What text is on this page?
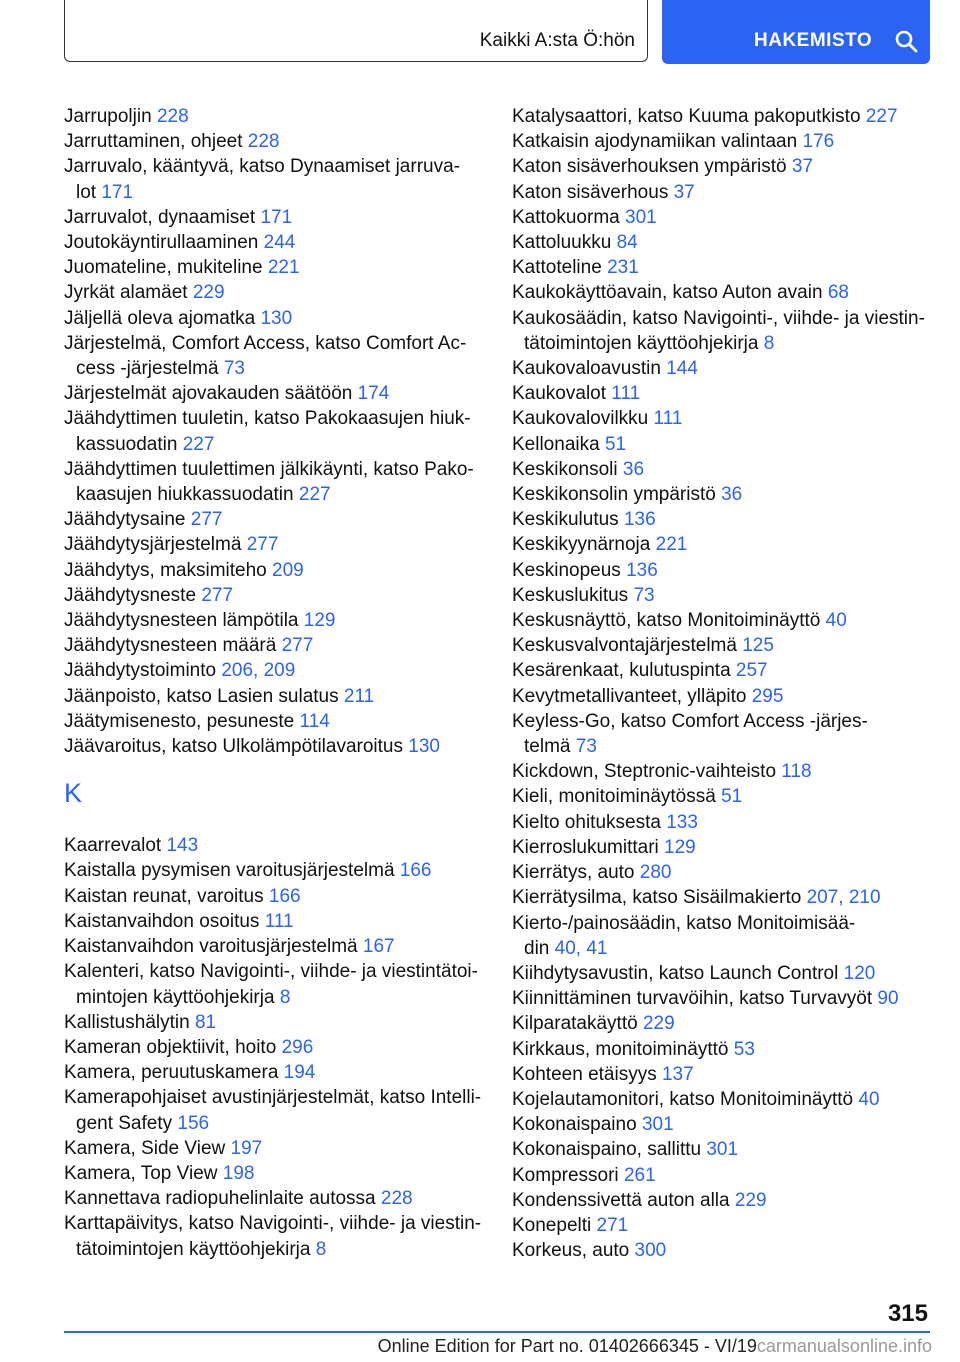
Kaikki A:sta Ö:hön	HAKEMISTO
Jarrupoljin 228
Jarruttaminen, ohjeet 228
Jarruvalo, kääntyvä, katso Dynaamiset jarruva‐
lot 171
Jarruvalot, dynaamiset 171
Joutokäyntirullaaminen 244
Juomateline, mukiteline 221
Jyrkät alamäet 229
Jäljellä oleva ajomatka 130
Järjestelmä, Comfort Access, katso Comfort Ac‐
cess -järjestelmä 73
Järjestelmät ajovakauden säätöön 174
Jäähdyttimen tuuletin, katso Pakokaasujen hiuk‐
kassuodatin 227
Jäähdyttimen tuulettimen jälkikäynti, katso Pako‐
kaasujen hiukkassuodatin 227
Jäähdytysaine 277
Jäähdytysjärjestelmä 277
Jäähdytys, maksimiteho 209
Jäähdytysneste 277
Jäähdytysnesteen lämpötila 129
Jäähdytysnesteen määrä 277
Jäähdytystoiminto 206, 209
Jäänpoisto, katso Lasien sulatus 211
Jäätymisenesto, pesuneste 114
Jäävaroitus, katso Ulkolämpötilavaroitus 130
K
Kaarrevalot 143
Kaistalla pysymisen varoitusjärjestelmä 166
Kaistan reunat, varoitus 166
Kaistanvaihdon osoitus 111
Kaistanvaihdon varoitusjärjestelmä 167
Kalenteri, katso Navigointi-, viihde- ja viestintätoi‐
mintojen käyttöohjekirja 8
Kallistushälytin 81
Kameran objektiivit, hoito 296
Kamera, peruutuskamera 194
Kamerapohjaiset avustinjärjestelmät, katso Intelli‐
gent Safety 156
Kamera, Side View 197
Kamera, Top View 198
Kannettava radiopuhelinlaite autossa 228
Karttapäivitys, katso Navigointi-, viihde- ja viestin‐
tätoimintojen käyttöohjekirja 8
Katalysaattori, katso Kuuma pakoputkisto 227
Katkaisin ajodynamiikan valintaan 176
Katon sisäverhouksen ympäristö 37
Katon sisäverhous 37
Kattokuorma 301
Kattoluukku 84
Kattoteline 231
Kaukokäyttöavain, katso Auton avain 68
Kaukosäädin, katso Navigointi-, viihde- ja viestin‐
tätoimintojen käyttöohjekirja 8
Kaukovaloavustin 144
Kaukovalot 111
Kaukovalovilkku 111
Kellonaika 51
Keskikonsoli 36
Keskikonsolin ympäristö 36
Keskikulutus 136
Keskikyynärnoja 221
Keskinopeus 136
Keskuslukitus 73
Keskusnäyttö, katso Monitoiminäyttö 40
Keskusvalvontajärjestelmä 125
Kesärenkaat, kulutuspinta 257
Kevytmetallivanteet, ylläpito 295
Keyless-Go, katso Comfort Access -järjes‐
telmä 73
Kickdown, Steptronic-vaihteisto 118
Kieli, monitoiminäytössä 51
Kielto ohituksesta 133
Kierroslukumittari 129
Kierrätys, auto 280
Kierrätysilma, katso Sisäilmakierto 207, 210
Kierto-/painosäädin, katso Monitoimisää‐
din 40, 41
Kiihdytysavustin, katso Launch Control 120
Kiinnittäminen turvavöihin, katso Turvavyöt 90
Kilparatakäyttö 229
Kirkkaus, monitoiminäyttö 53
Kohteen etäisyys 137
Kojelautamonitori, katso Monitoiminäyttö 40
Kokonaispaino 301
Kokonaispaino, sallittu 301
Kompressori 261
Kondenssivettä auton alla 229
Konepelti 271
Korkeus, auto 300
315
Online Edition for Part no. 01402666345 - VI/19carmanualsonline.info
